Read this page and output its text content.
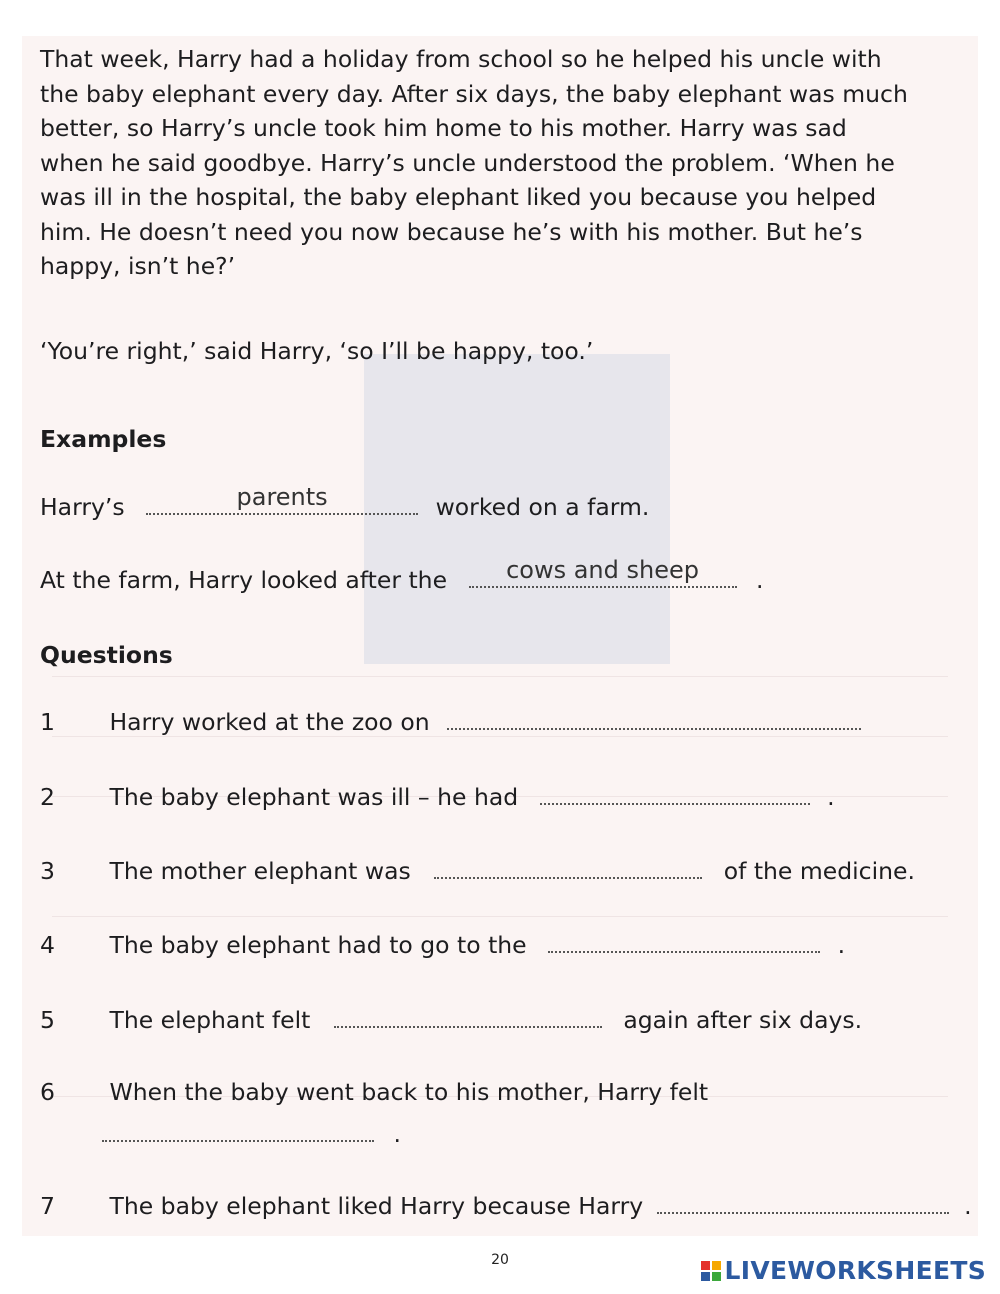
That week, Harry had a holiday from school so he helped his uncle with
the baby elephant every day. After six days, the baby elephant was much
better, so Harry’s uncle took him home to his mother. Harry was sad
when he said goodbye. Harry’s uncle understood the problem. ‘When he
was ill in the hospital, the baby elephant liked you because you helped
him. He doesn’t need you now because he’s with his mother. But he’s
happy, isn’t he?’
‘You’re right,’ said Harry, ‘so I’ll be happy, too.’
Examples
Harry’s	parents	worked on a farm.
At the farm, Harry looked after the	cows and sheep	.
Questions
1 Harry worked at the zoo on
2 The baby elephant was ill – he had	.
3 The mother elephant was	of the medicine.
4 The baby elephant had to go to the	.
5 The elephant felt	again after six days.
6 When the baby went back to his mother, Harry felt
.
7 The baby elephant liked Harry because Harry	.
20	LIVEWORKSHEETS
